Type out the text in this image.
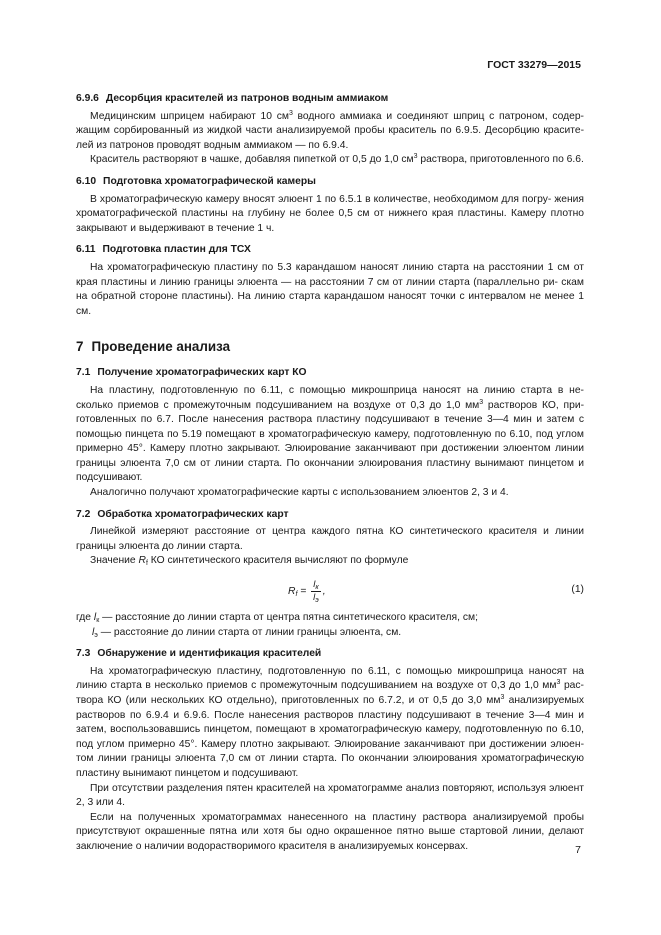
ГОСТ 33279—2015
6.9.6 Десорбция красителей из патронов водным аммиаком

Медицинским шприцем набирают 10 $см^3$ водного аммиака и соединяют шприц с патроном, содер- жащим сорбированный из жидкой части анализируемой пробы краситель по 6.9.5. Десорбцию красите- лей из патронов проводят водным аммиаком — по 6.9.4.

Краситель растворяют в чашке, добавляя пипеткой от 0,5 до 1,0 $см^3$ раствора, приготовленного по 6.6.

6.10 Подготовка хроматографической камеры

В хроматографическую камеру вносят элюент 1 по 6.5.1 в количестве, необходимом для погру- жения хроматографической пластины на глубину не более 0,5 см от нижнего края пластины. Камеру плотно закрывают и выдерживают в течение 1 ч.

6.11 Подготовка пластин для ТСХ

На хроматографическую пластину по 5.3 карандашом наносят линию старта на расстоянии 1 см от края пластины и линию границы элюента — на расстоянии 7 см от линии старта (параллельно ри- скам на обратной стороне пластины). На линию старта карандашом наносят точки с интервалом не менее 1 см.

7 Проведение анализа
7.1 Получение хроматографических карт КО

На пластину, подготовленную по 6.11, с помощью микрошприца наносят на линию старта в не- сколько приемов с промежуточным подсушиванием на воздухе от 0,3 до 1,0 $мм^3$ растворов КО, при- готовленных по 6.7. После нанесения раствора пластину подсушивают в течение 3—4 мин и затем с помощью пинцета по 5.19 помещают в хроматографическую камеру, подготовленную по 6.10, под углом примерно 45°. Камеру плотно закрывают. Элюирование заканчивают при достижении элюентом линии границы элюента 7,0 см от линии старта. По окончании элюирования пластину вынимают пинцетом и подсушивают.

Аналогично получают хроматографические карты с использованием элюентов 2, 3 и 4.

7.2 Обработка хроматографических карт

Линейкой измеряют расстояние от центра каждого пятна КО синтетического красителя и линии границы элюента до линии старта.

Значение $R_f$ КО синтетического красителя вычисляют по формуле

$R_f = \frac{l_к}{l_э}$ ,	(1)

где $l_к$ — расстояние до линии старта от центра пятна синтетического красителя, см;

$l_э$ — расстояние до линии старта от линии границы элюента, см.

7.3 Обнаружение и идентификация красителей

На хроматографическую пластину, подготовленную по 6.11, с помощью микрошприца наносят на линию старта в несколько приемов с промежуточным подсушиванием на воздухе от 0,3 до 1,0 $мм^3$ рас- твора КО (или нескольких КО отдельно), приготовленных по 6.7.2, и от 0,5 до 3,0 $мм^3$ анализируемых растворов по 6.9.4 и 6.9.6. После нанесения растворов пластину подсушивают в течение 3—4 мин и затем, воспользовавшись пинцетом, помещают в хроматографическую камеру, подготовленную по 6.10, под углом примерно 45°. Камеру плотно закрывают. Элюирование заканчивают при достижении элюен- том линии границы элюента 7,0 см от линии старта. По окончании элюирования хроматографическую пластину вынимают пинцетом и подсушивают.

При отсутствии разделения пятен красителей на хроматограмме анализ повторяют, используя элюент 2, 3 или 4.

Если на полученных хроматограммах нанесенного на пластину раствора анализируемой пробы присутствуют окрашенные пятна или хотя бы одно окрашенное пятно выше стартовой линии, делают заключение о наличии водорастворимого красителя в анализируемых консервах.	7
